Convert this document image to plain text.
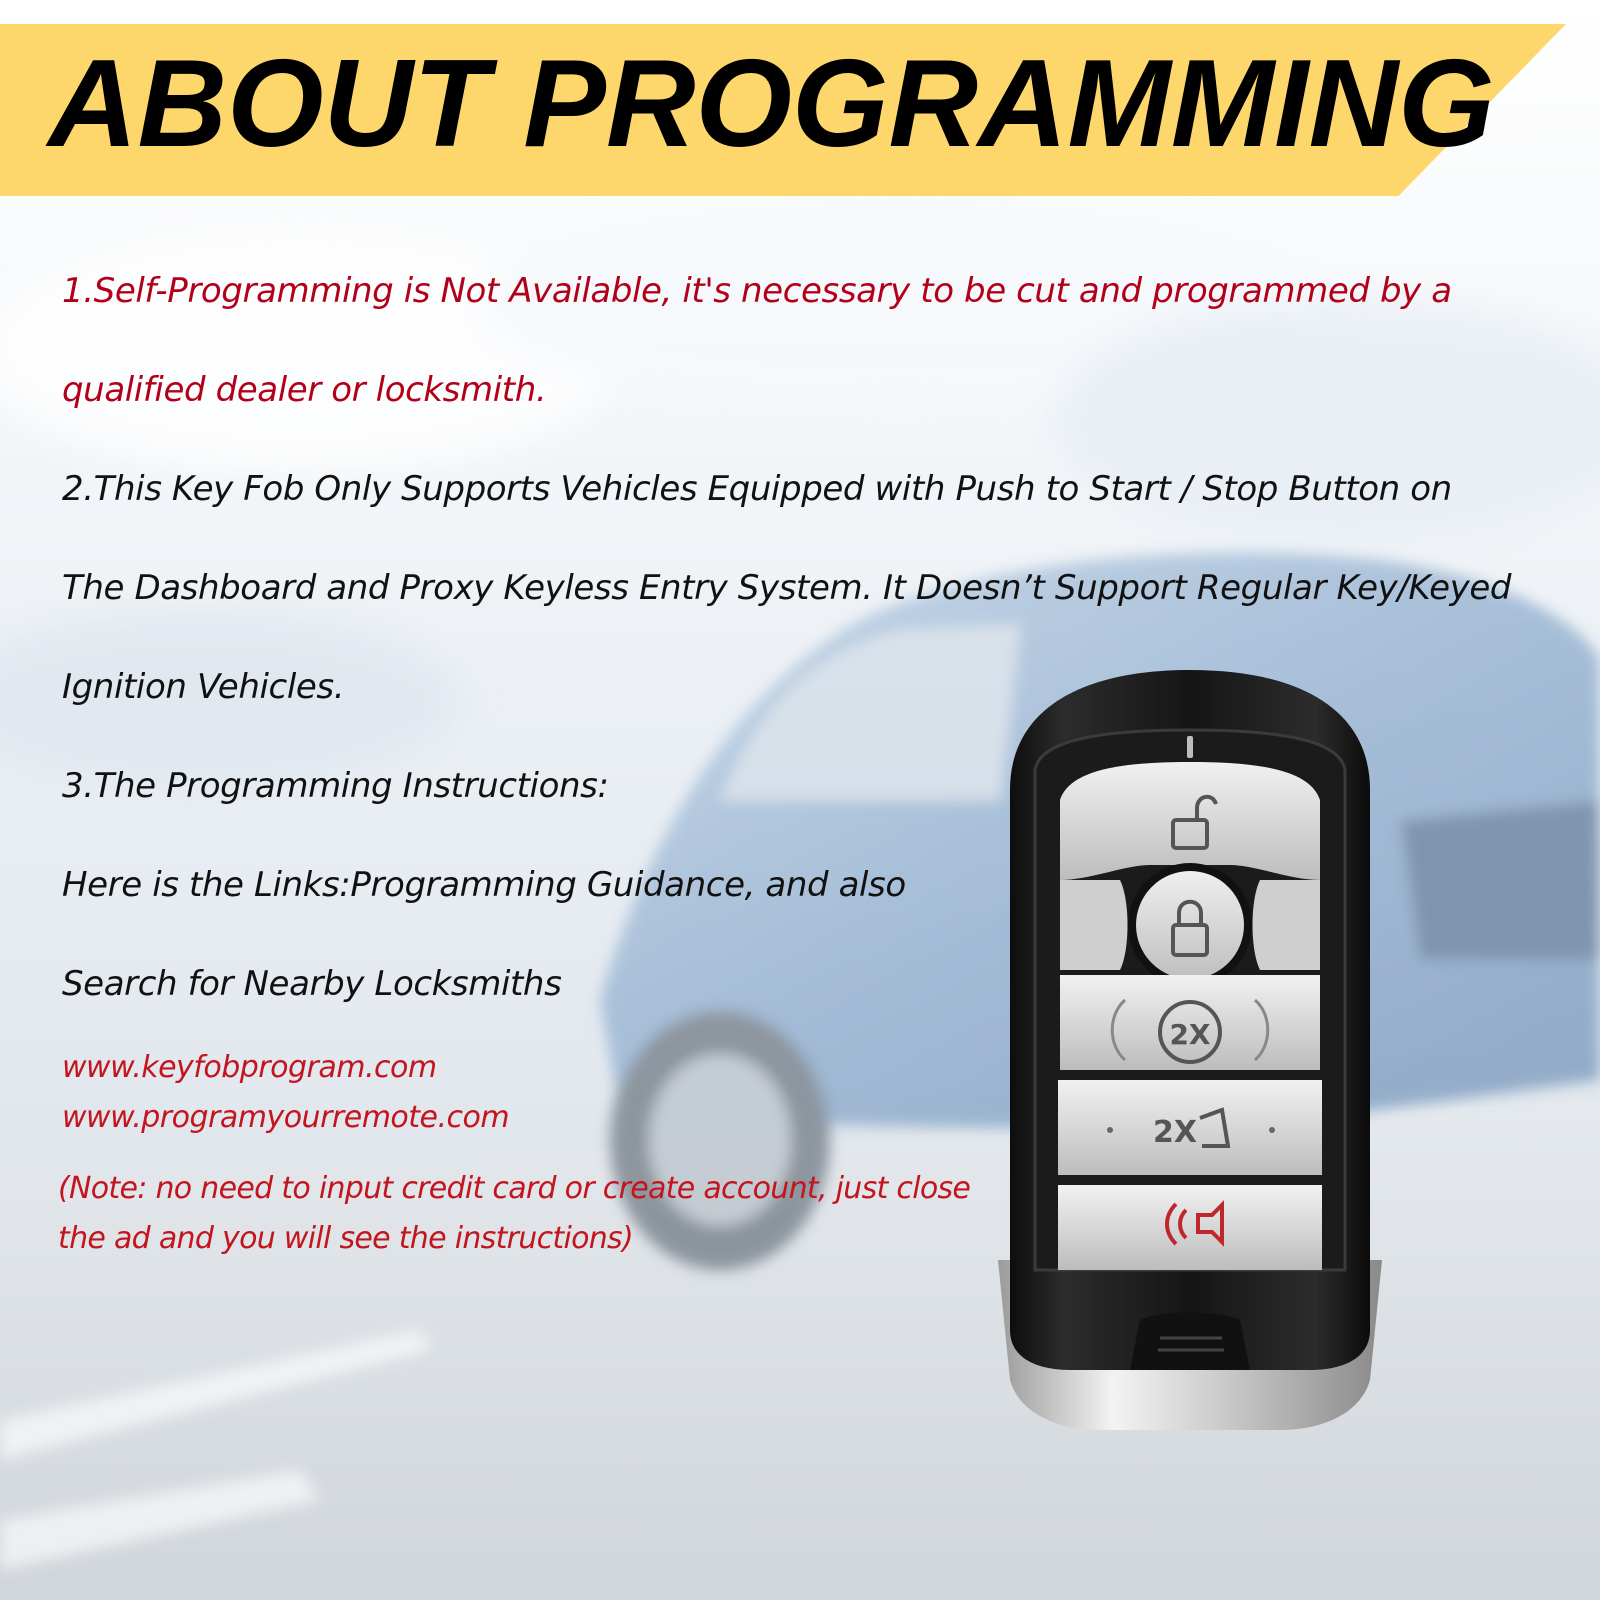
ABOUT PROGRAMMING

1.Self-Programming is Not Available, it's necessary to be cut and programmed by a

qualified dealer or locksmith.

2.This Key Fob Only Supports Vehicles Equipped with Push to Start / Stop Button on

The Dashboard and Proxy Keyless Entry System. It Doesn’t Support Regular Key/Keyed

Ignition Vehicles.

3.The Programming Instructions:

Here is the Links:Programming Guidance, and also

Search for Nearby Locksmiths

www.keyfobprogram.com
www.programyourremote.com

(Note: no need to input credit card or create account, just close

the ad and you will see the instructions)

2X
2X
